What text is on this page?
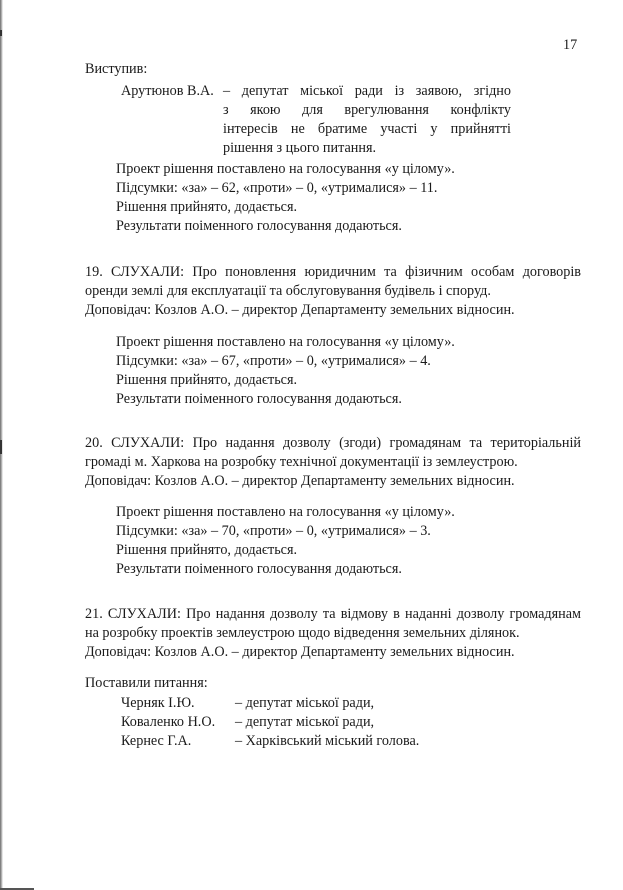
17
Виступив:
Арутюнов В.А. – депутат міської ради із заявою, згідно
з якою для врегулювання конфлікту
інтересів не братиме участі у прийнятті
рішення з цього питання.
Проект рішення поставлено на голосування «у цілому».
Підсумки: «за» – 62, «проти» – 0, «утрималися» – 11.
Рішення прийнято, додається.
Результати поіменного голосування додаються.
19. СЛУХАЛИ: Про поновлення юридичним та фізичним особам договорів
оренди землі для експлуатації та обслуговування будівель і споруд.
Доповідач: Козлов А.О. – директор Департаменту земельних відносин.
Проект рішення поставлено на голосування «у цілому».
Підсумки: «за» – 67, «проти» – 0, «утрималися» – 4.
Рішення прийнято, додається.
Результати поіменного голосування додаються.
20. СЛУХАЛИ: Про надання дозволу (згоди) громадянам та територіальній
громаді м. Харкова на розробку технічної документації із землеустрою.
Доповідач: Козлов А.О. – директор Департаменту земельних відносин.
Проект рішення поставлено на голосування «у цілому».
Підсумки: «за» – 70, «проти» – 0, «утрималися» – 3.
Рішення прийнято, додається.
Результати поіменного голосування додаються.
21. СЛУХАЛИ: Про надання дозволу та відмову в наданні дозволу громадянам
на розробку проектів землеустрою щодо відведення земельних ділянок.
Доповідач: Козлов А.О. – директор Департаменту земельних відносин.
Поставили питання:
Черняк І.Ю.	– депутат міської ради,
Коваленко Н.О.	– депутат міської ради,
Кернес Г.А.	– Харківський міський голова.
